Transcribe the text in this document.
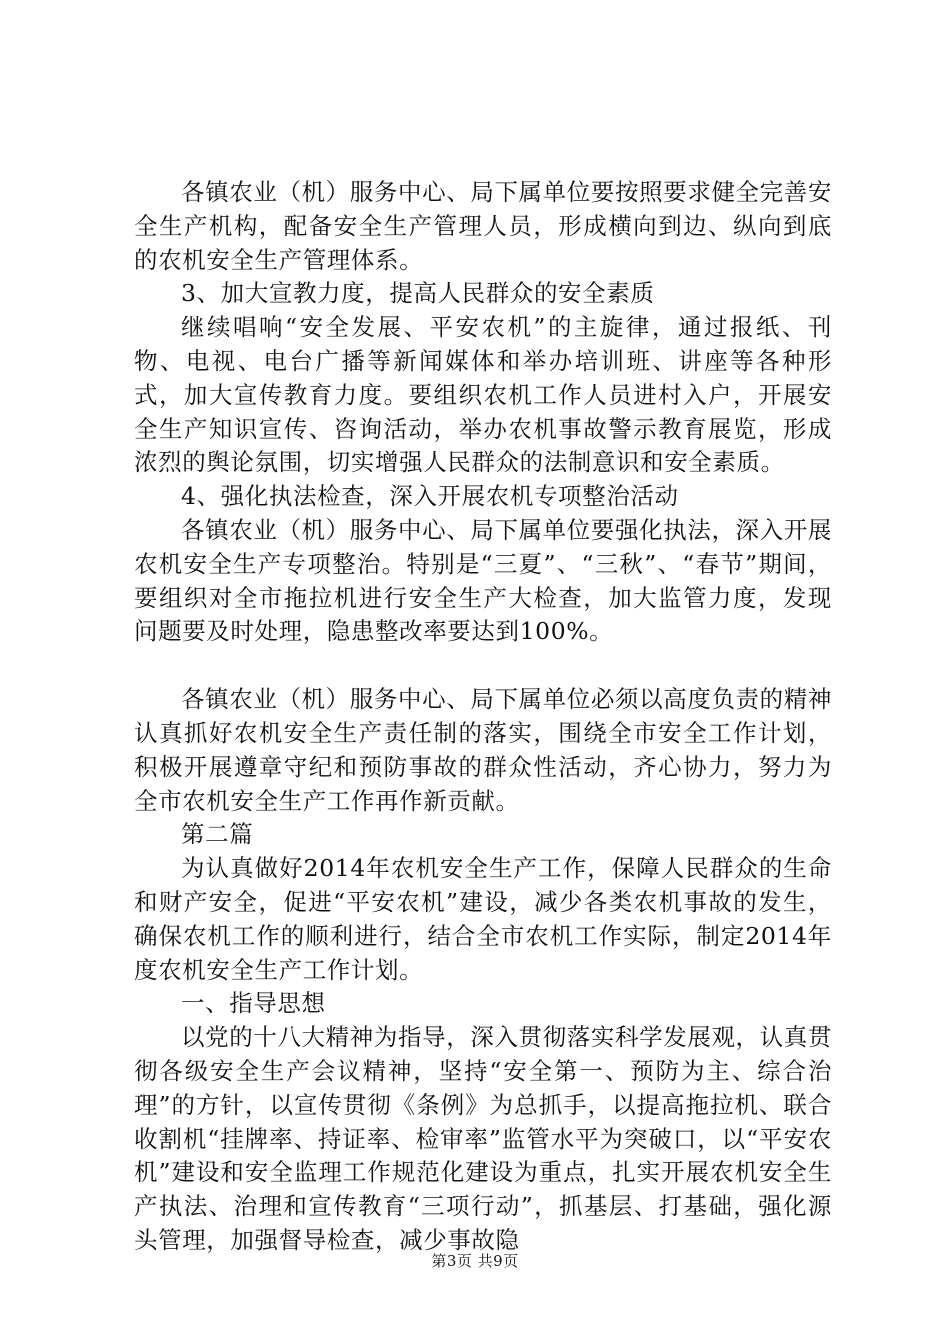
各镇农业（机）服务中心、局下属单位要按照要求健全完善安全生产机构，配备安全生产管理人员，形成横向到边、纵向到底的农机安全生产管理体系。

3、加大宣教力度，提高人民群众的安全素质

继续唱响“安全发展、平安农机”的主旋律，通过报纸、刊物、电视、电台广播等新闻媒体和举办培训班、讲座等各种形式，加大宣传教育力度。要组织农机工作人员进村入户，开展安全生产知识宣传、咨询活动，举办农机事故警示教育展览，形成浓烈的舆论氛围，切实增强人民群众的法制意识和安全素质。

4、强化执法检查，深入开展农机专项整治活动

各镇农业（机）服务中心、局下属单位要强化执法，深入开展农机安全生产专项整治。特别是“三夏”、“三秋”、“春节”期间，要组织对全市拖拉机进行安全生产大检查，加大监管力度，发现问题要及时处理，隐患整改率要达到100%。

各镇农业（机）服务中心、局下属单位必须以高度负责的精神认真抓好农机安全生产责任制的落实，围绕全市安全工作计划，积极开展遵章守纪和预防事故的群众性活动，齐心协力，努力为全市农机安全生产工作再作新贡献。

第二篇

为认真做好2014年农机安全生产工作，保障人民群众的生命和财产安全，促进“平安农机”建设，减少各类农机事故的发生，确保农机工作的顺利进行，结合全市农机工作实际，制定2014年度农机安全生产工作计划。

一、指导思想

以党的十八大精神为指导，深入贯彻落实科学发展观，认真贯彻各级安全生产会议精神，坚持“安全第一、预防为主、综合治理”的方针，以宣传贯彻《条例》为总抓手，以提高拖拉机、联合收割机“挂牌率、持证率、检审率”监管水平为突破口，以“平安农机”建设和安全监理工作规范化建设为重点，扎实开展农机安全生产执法、治理和宣传教育“三项行动”，抓基层、打基础，强化源头管理，加强督导检查，减少事故隐

第3页 共9页
